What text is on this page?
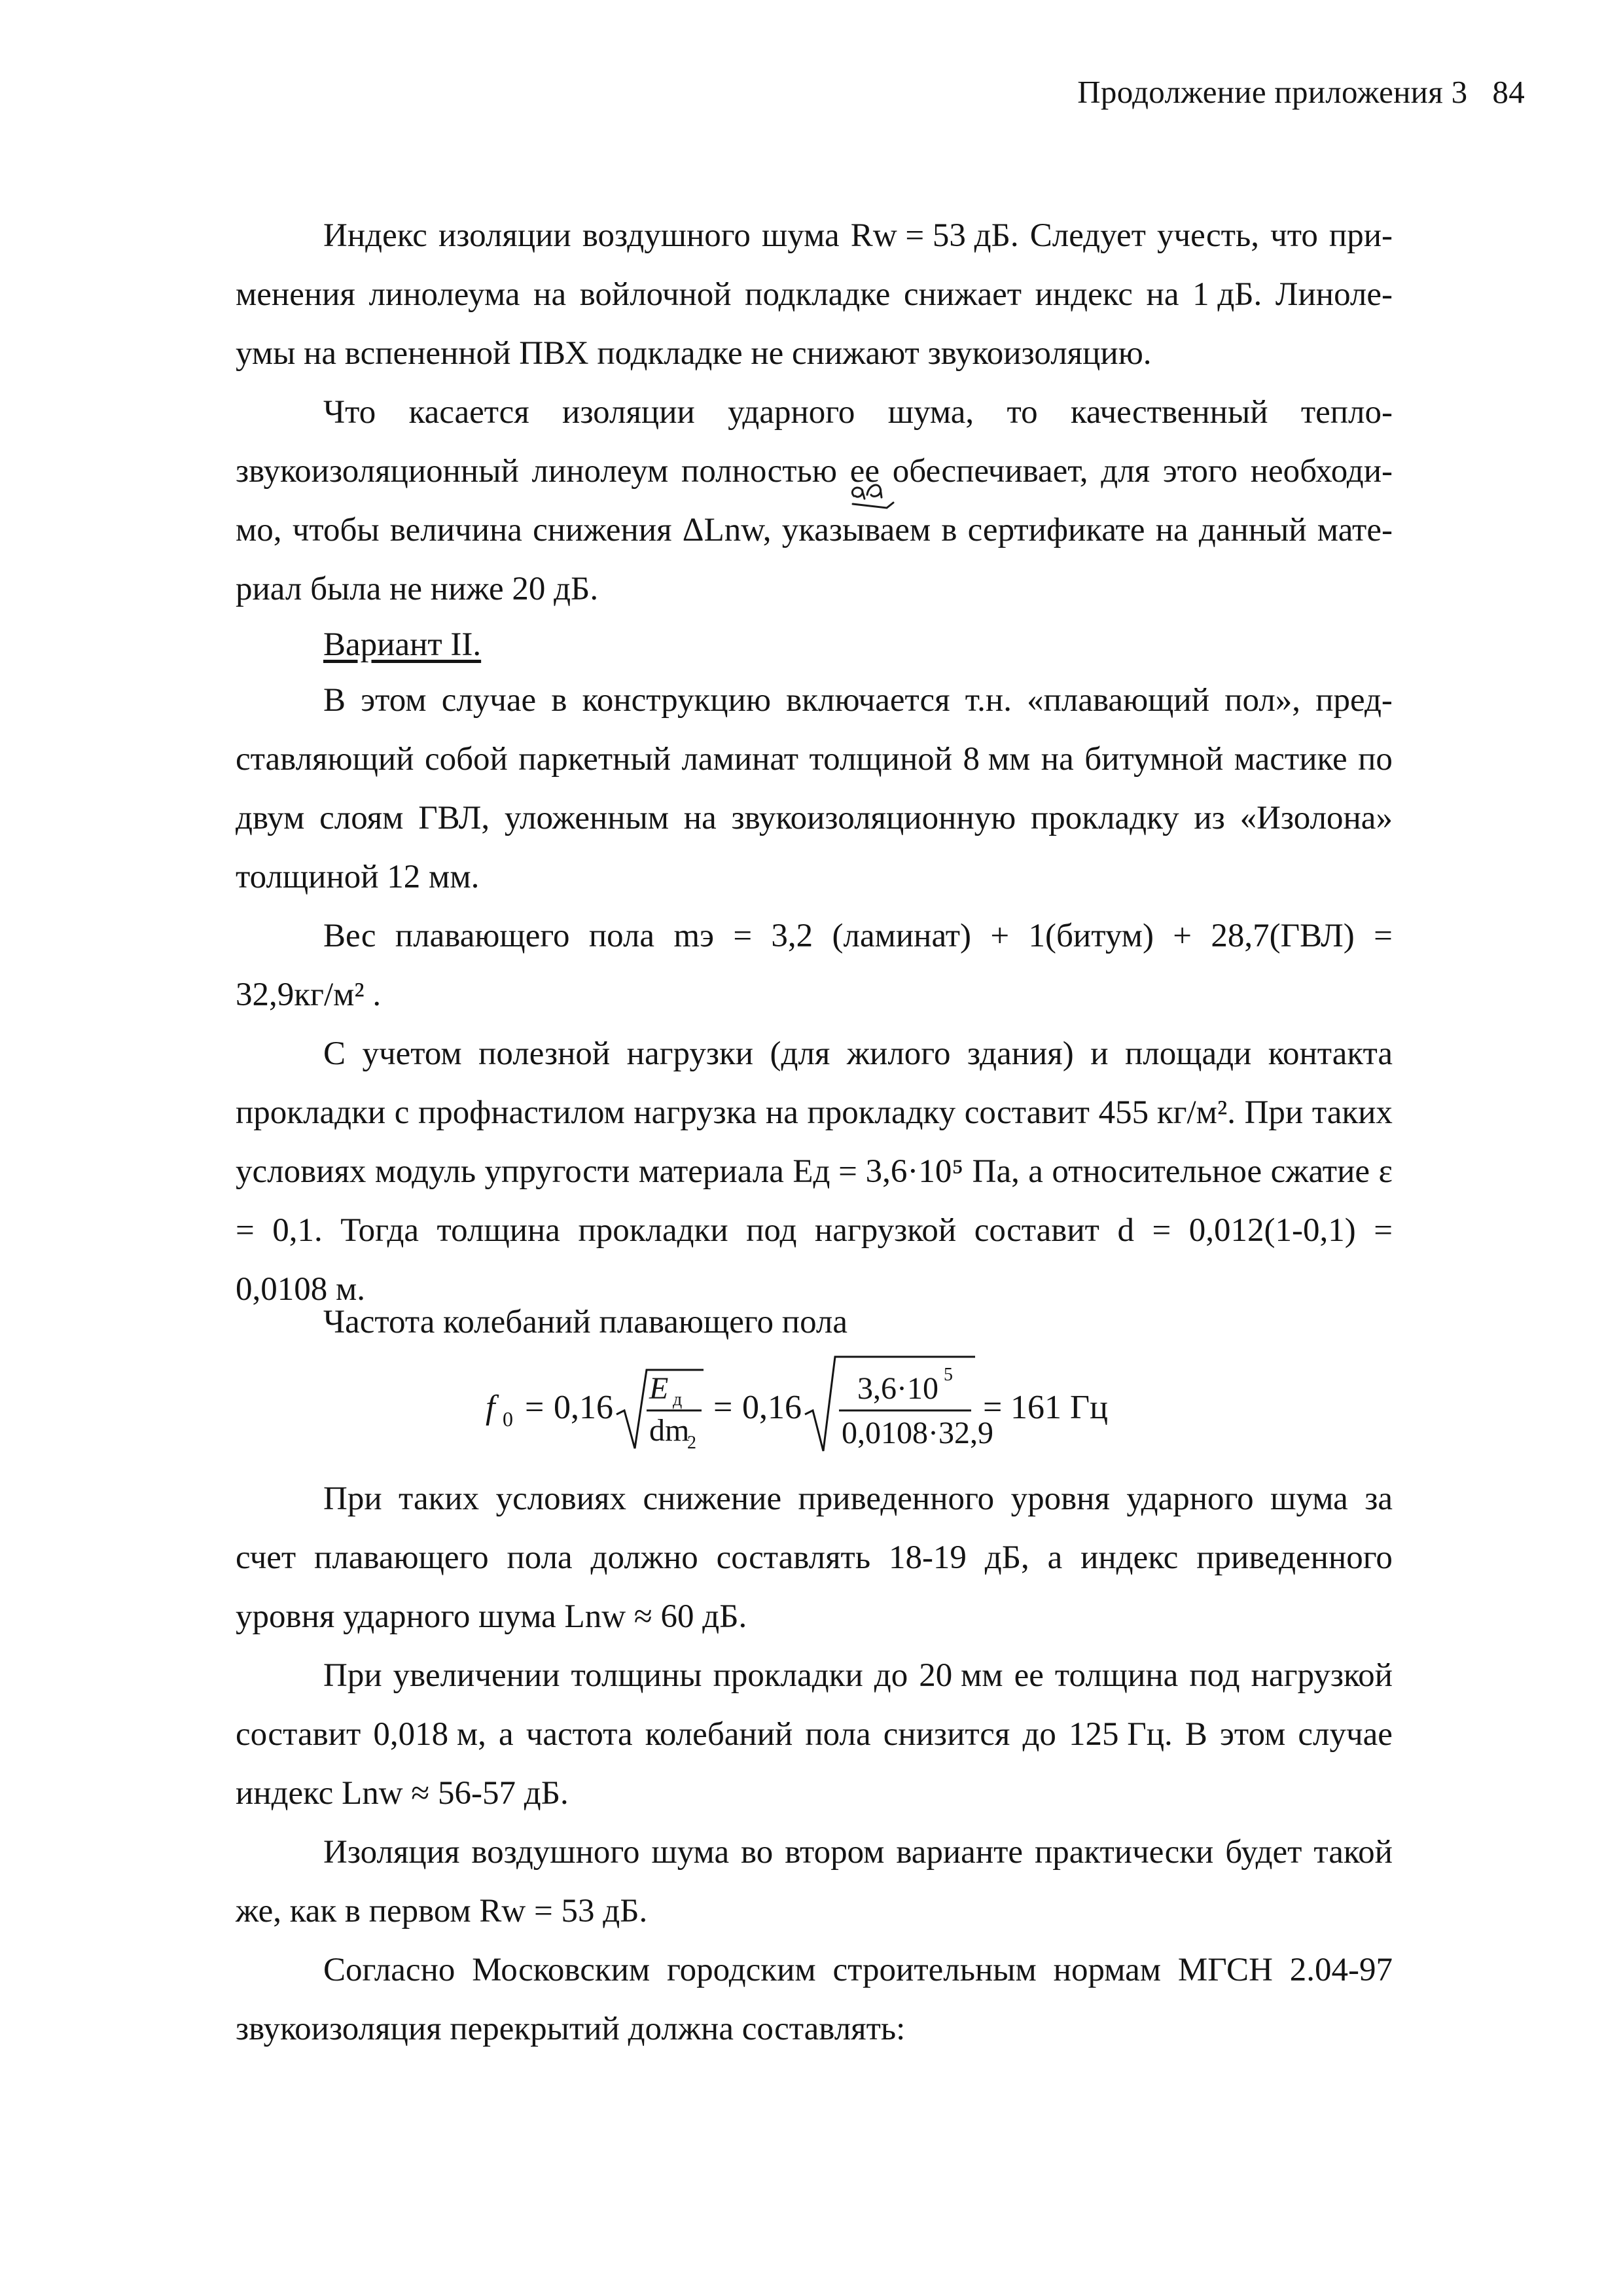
Продолжение приложения 3 84
Индекс изоляции воздушного шума Rw = 53 дБ. Следует учесть, что при-
менения линолеума на войлочной подкладке снижает индекс на 1 дБ. Линоле-
умы на вспененной ПВХ подкладке не снижают звукоизоляцию.
Что касается изоляции ударного шума, то качественный тепло-
звукоизоляционный линолеум полностью ее обеспечивает, для этого необходи-
мо, чтобы величина снижения ΔLnw, указываем в сертификате на данный мате-
риал была не ниже 20 дБ.
Вариант II.
В этом случае в конструкцию включается т.н. «плавающий пол», пред-
ставляющий собой паркетный ламинат толщиной 8 мм на битумной мастике по
двум слоям ГВЛ, уложенным на звукоизоляционную прокладку из «Изолона»
толщиной 12 мм.
Вес плавающего пола mэ = 3,2 (ламинат) + 1(битум) + 28,7(ГВЛ) =
32,9кг/м² .
С учетом полезной нагрузки (для жилого здания) и площади контакта
прокладки с профнастилом нагрузка на прокладку составит 455 кг/м². При таких
условиях модуль упругости материала Eд = 3,6·10⁵ Па, а относительное сжатие ε
= 0,1. Тогда толщина прокладки под нагрузкой составит d = 0,012(1-0,1) =
0,0108 м.
Частота колебаний плавающего пола
f 0 = 0,16
E д
dm
2
= 0,16
3,6·10 5
0,0108·32,9
= 161 Гц
При таких условиях снижение приведенного уровня ударного шума за
счет плавающего пола должно составлять 18-19 дБ, а индекс приведенного
уровня ударного шума Lnw ≈ 60 дБ.
При увеличении толщины прокладки до 20 мм ее толщина под нагрузкой
составит 0,018 м, а частота колебаний пола снизится до 125 Гц. В этом случае
индекс Lnw ≈ 56-57 дБ.
Изоляция воздушного шума во втором варианте практически будет такой
же, как в первом Rw = 53 дБ.
Согласно Московским городским строительным нормам МГСН 2.04-97
звукоизоляция перекрытий должна составлять:
